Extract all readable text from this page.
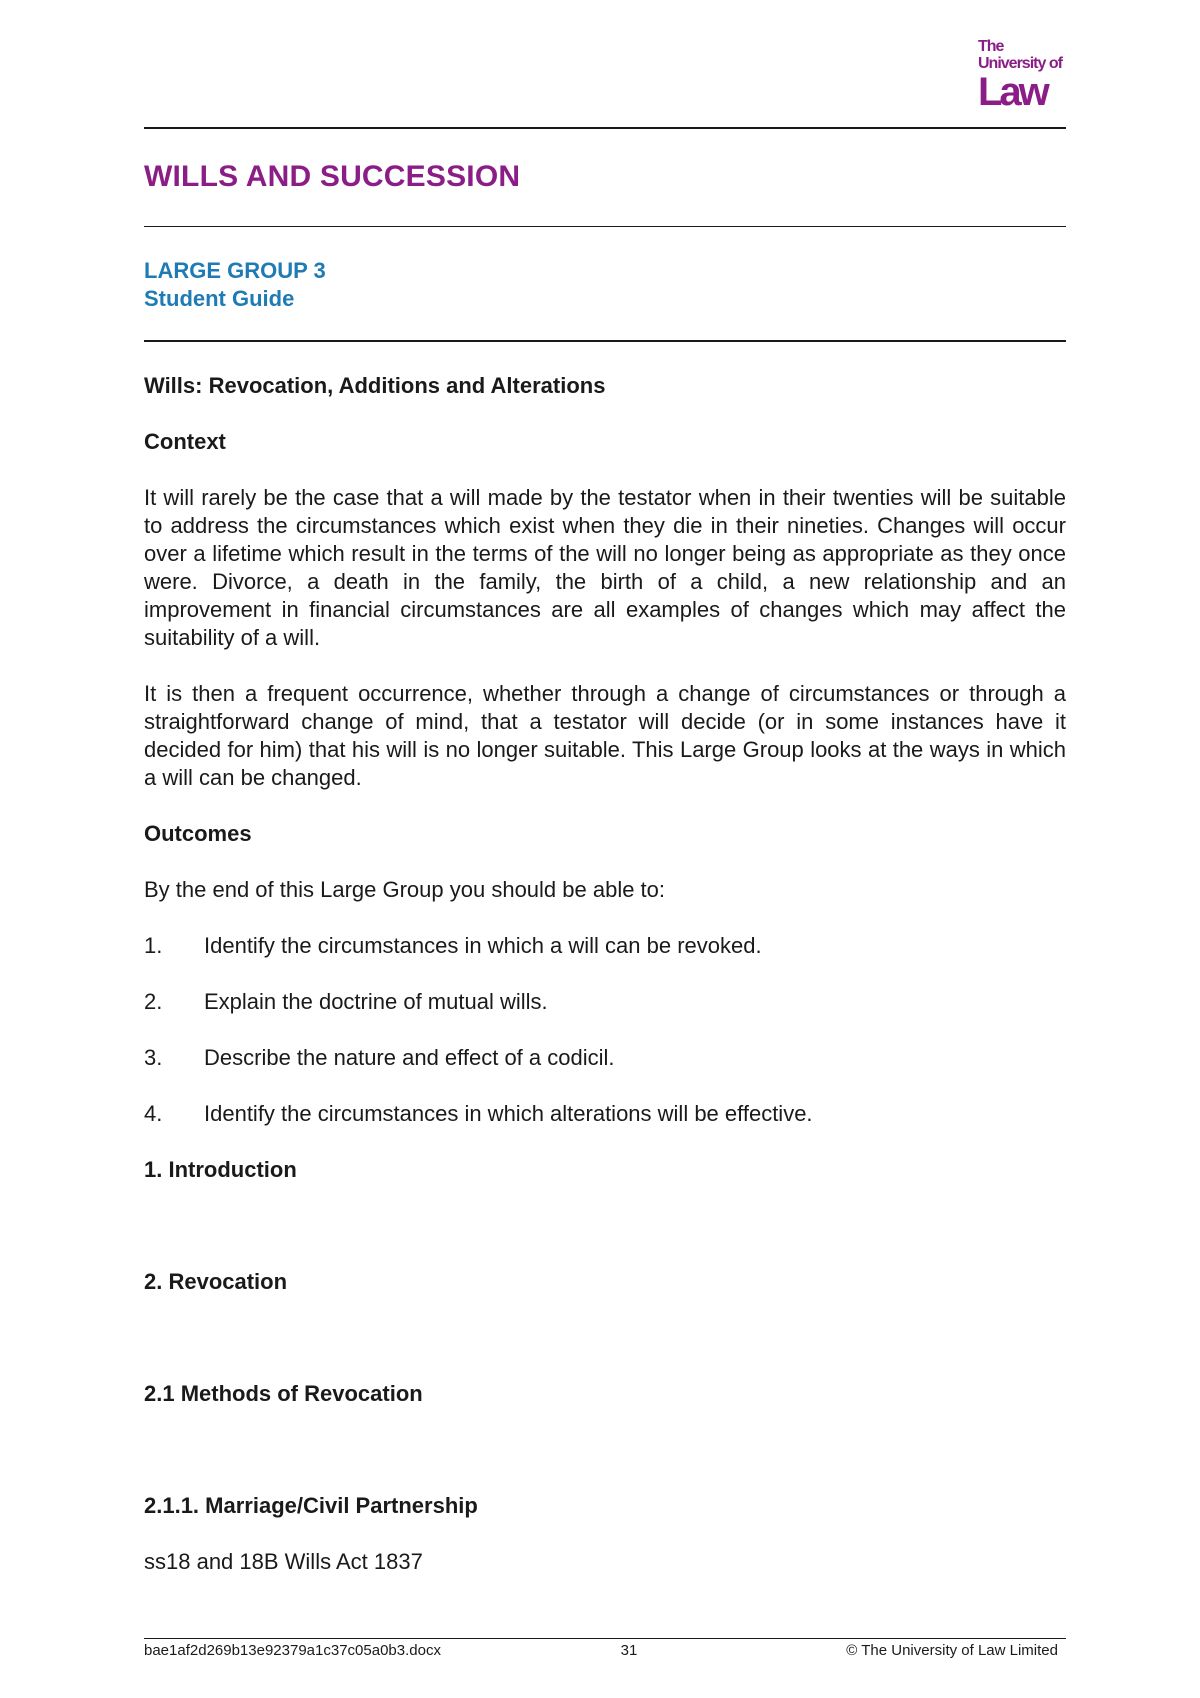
The
University of
Law
WILLS AND SUCCESSION
LARGE GROUP 3
Student Guide
Wills: Revocation, Additions and Alterations
Context

It will rarely be the case that a will made by the testator when in their twenties will be suitable to address the circumstances which exist when they die in their nineties. Changes will occur over a lifetime which result in the terms of the will no longer being as appropriate as they once were. Divorce, a death in the family, the birth of a child, a new relationship and an improvement in financial circumstances are all examples of changes which may affect the suitability of a will.

It is then a frequent occurrence, whether through a change of circumstances or through a straightforward change of mind, that a testator will decide (or in some instances have it decided for him) that his will is no longer suitable. This Large Group looks at the ways in which a will can be changed.

Outcomes

By the end of this Large Group you should be able to:

1. Identify the circumstances in which a will can be revoked.
2. Explain the doctrine of mutual wills.
3. Describe the nature and effect of a codicil.
4. Identify the circumstances in which alterations will be effective.
1. Introduction
2. Revocation
2.1 Methods of Revocation
2.1.1. Marriage/Civil Partnership

ss18 and 18B Wills Act 1837

bae1af2d269b13e92379a1c37c05a0b3.docx	31	© The University of Law Limited
